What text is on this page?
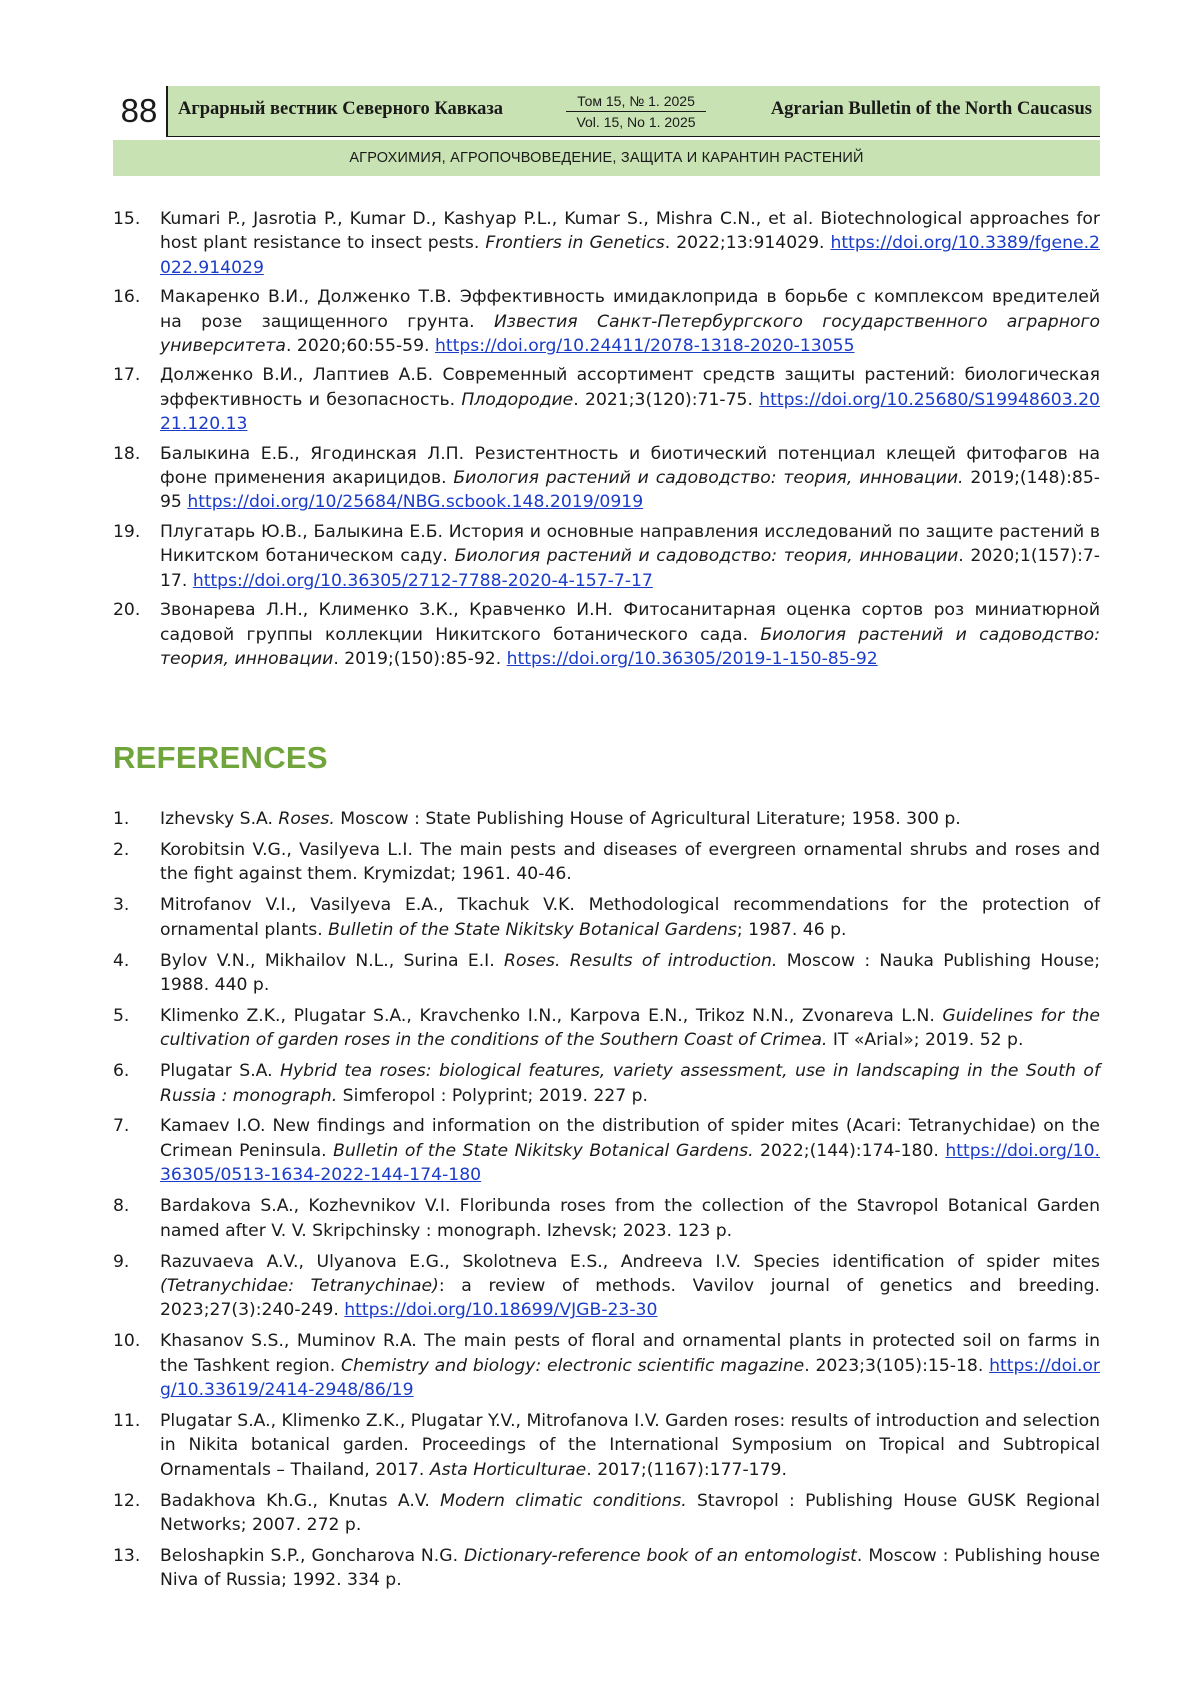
88	Аграрный вестник Северного Кавказа	Том 15, № 1. 2025
Vol. 15, No 1. 2025
Agrarian Bulletin of the North Caucasus
АГРОХИМИЯ, АГРОПОЧВОВЕДЕНИЕ, ЗАЩИТА И КАРАНТИН РАСТЕНИЙ
15. Kumari P., Jasrotia P., Kumar D., Kashyap P.L., Kumar S., Mishra C.N., et al. Biotechnological approaches for host plant resistance to insect pests. Frontiers in Genetics. 2022;13:914029. https://doi.org/10.3389/fgene.2022.914029
16. Макаренко В.И., Долженко Т.В. Эффективность имидаклоприда в борьбе с комплексом вредителей на розе защищенного грунта. Известия Санкт-Петербургского государственного аграрного университета. 2020;60:55-59. https://doi.org/10.24411/2078-1318-2020-13055
17. Долженко В.И., Лаптиев А.Б. Современный ассортимент средств защиты растений: биологическая эффективность и безопасность. Плодородие. 2021;3(120):71-75. https://doi.org/10.25680/S19948603.2021.120.13
18. Балыкина Е.Б., Ягодинская Л.П. Резистентность и биотический потенциал клещей фитофагов на фоне применения акарицидов. Биология растений и садоводство: теория, инновации. 2019;(148):85-95 https://doi.org/10/25684/NBG.scbook.148.2019/0919
19. Плугатарь Ю.В., Балыкина Е.Б. История и основные направления исследований по защите растений в Никитском ботаническом саду. Биология растений и садоводство: теория, инновации. 2020;1(157):7-17. https://doi.org/10.36305/2712-7788-2020-4-157-7-17
20. Звонарева Л.Н., Клименко З.К., Кравченко И.Н. Фитосанитарная оценка сортов роз миниатюрной садовой группы коллекции Никитского ботанического сада. Биология растений и садоводство: теория, инновации. 2019;(150):85-92. https://doi.org/10.36305/2019-1-150-85-92
REFERENCES
1. Izhevsky S.A. Roses. Moscow : State Publishing House of Agricultural Literature; 1958. 300 p.
2. Korobitsin V.G., Vasilyeva L.I. The main pests and diseases of evergreen ornamental shrubs and roses and the fight against them. Krymizdat; 1961. 40-46.
3. Mitrofanov V.I., Vasilyeva E.A., Tkachuk V.K. Methodological recommendations for the protection of ornamental plants. Bulletin of the State Nikitsky Botanical Gardens; 1987. 46 p.
4. Bylov V.N., Mikhailov N.L., Surina E.I. Roses. Results of introduction. Moscow : Nauka Publishing House; 1988. 440 p.
5. Klimenko Z.K., Plugatar S.A., Kravchenko I.N., Karpova E.N., Trikoz N.N., Zvonareva L.N. Guidelines for the cultivation of garden roses in the conditions of the Southern Coast of Crimea. IT «Arial»; 2019. 52 p.
6. Plugatar S.A. Hybrid tea roses: biological features, variety assessment, use in landscaping in the South of Russia : monograph. Simferopol : Polyprint; 2019. 227 p.
7. Kamaev I.O. New findings and information on the distribution of spider mites (Acari: Tetranychidae) on the Crimean Peninsula. Bulletin of the State Nikitsky Botanical Gardens. 2022;(144):174-180. https://doi.org/10.36305/0513-1634-2022-144-174-180
8. Bardakova S.A., Kozhevnikov V.I. Floribunda roses from the collection of the Stavropol Botanical Garden named after V. V. Skripchinsky : monograph. Izhevsk; 2023. 123 p.
9. Razuvaeva A.V., Ulyanova E.G., Skolotneva E.S., Andreeva I.V. Species identification of spider mites (Tetranychidae: Tetranychinae): a review of methods. Vavilov journal of genetics and breeding. 2023;27(3):240-249. https://doi.org/10.18699/VJGB-23-30
10. Khasanov S.S., Muminov R.A. The main pests of floral and ornamental plants in protected soil on farms in the Tashkent region. Chemistry and biology: electronic scientific magazine. 2023;3(105):15-18. https://doi.org/10.33619/2414-2948/86/19
11. Plugatar S.A., Klimenko Z.K., Plugatar Y.V., Mitrofanova I.V. Garden roses: results of introduction and selection in Nikita botanical garden. Proceedings of the International Symposium on Tropical and Subtropical Ornamentals – Thailand, 2017. Asta Horticulturae. 2017;(1167):177-179.
12. Badakhova Kh.G., Knutas A.V. Modern climatic conditions. Stavropol : Publishing House GUSK Regional Networks; 2007. 272 p.
13. Beloshapkin S.P., Goncharova N.G. Dictionary-reference book of an entomologist. Moscow : Publishing house Niva of Russia; 1992. 334 p.
